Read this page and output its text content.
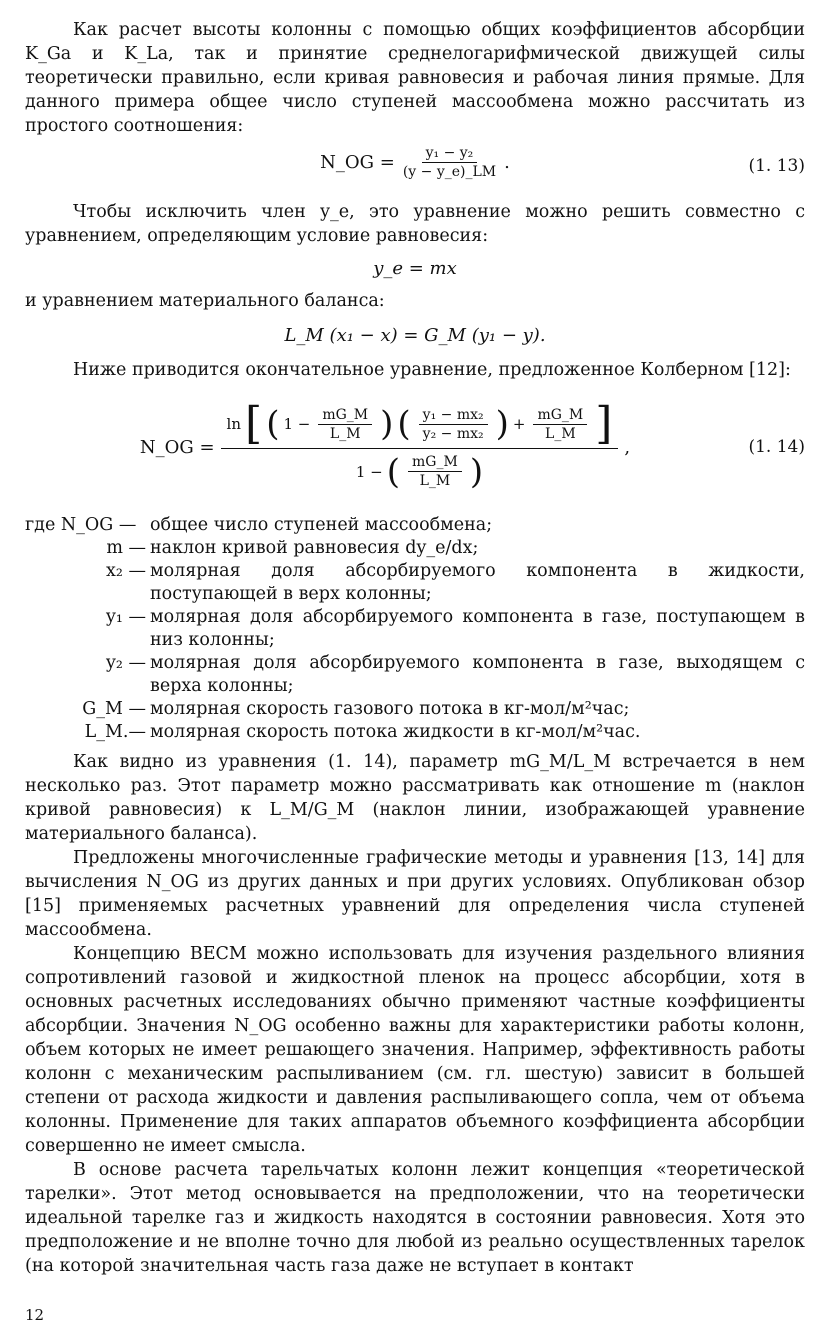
Как расчет высоты колонны с помощью общих коэффициентов абсорбции K_Ga и K_La, так и принятие среднелогарифмической движущей силы теоретически правильно, если кривая равновесия и рабочая линия прямые. Для данного примера общее число ступеней массообмена можно рассчитать из простого соотношения:

N_OG = $\frac{\text{y₁ − y₂}}{(y - y\_e)\_LM}$ .	(1. 13)

Чтобы исключить член y_e, это уравнение можно решить совместно с уравнением, определяющим условие равновесия:

y_e = mx

и уравнением материального баланса:

L_M (x₁ − x) = G_M (y₁ − y).

Ниже приводится окончательное уравнение, предложенное Колберном [12]:

N_OG =
ln [ ( $1 - \frac{mG\_M}{L\_M}$ ) ( $\frac{\text{y₁ − mx₂}}{\text{y₂ − mx₂}}$ ) + $\frac{mG\_M}{L\_M}$ ]
1 − ( $\frac{mG\_M}{L\_M}$ )
,	(1. 14)
где N_OG — общее число ступеней массообмена;
m — наклон кривой равновесия dy_e/dx;
x₂ — молярная доля абсорбируемого компонента в жидкости, поступающей в верх колонны;
y₁ — молярная доля абсорбируемого компонента в газе, поступающем в низ колонны;
y₂ — молярная доля абсорбируемого компонента в газе, выходящем с верха колонны;
G_M — молярная скорость газового потока в кг-мол/м²час;
L_M.— молярная скорость потока жидкости в кг-мол/м²час.

Как видно из уравнения (1. 14), параметр mG_M/L_M встречается в нем несколько раз. Этот параметр можно рассматривать как отношение m (наклон кривой равновесия) к L_M/G_M (наклон линии, изображающей уравнение материального баланса).

Предложены многочисленные графические методы и уравнения [13, 14] для вычисления N_OG из других данных и при других условиях. Опубликован обзор [15] применяемых расчетных уравнений для определения числа ступеней массообмена.

Концепцию ВЕСМ можно использовать для изучения раздельного влияния сопротивлений газовой и жидкостной пленок на процесс абсорбции, хотя в основных расчетных исследованиях обычно применяют частные коэффициенты абсорбции. Значения N_OG особенно важны для характеристики работы колонн, объем которых не имеет решающего значения. Например, эффективность работы колонн с механическим распыливанием (см. гл. шестую) зависит в большей степени от расхода жидкости и давления распыливающего сопла, чем от объема колонны. Применение для таких аппаратов объемного коэффициента абсорбции совершенно не имеет смысла.

В основе расчета тарельчатых колонн лежит концепция «теоретической тарелки». Этот метод основывается на предположении, что на теоретически идеальной тарелке газ и жидкость находятся в состоянии равновесия. Хотя это предположение и не вполне точно для любой из реально осуществленных тарелок (на которой значительная часть газа даже не вступает в контакт

12
